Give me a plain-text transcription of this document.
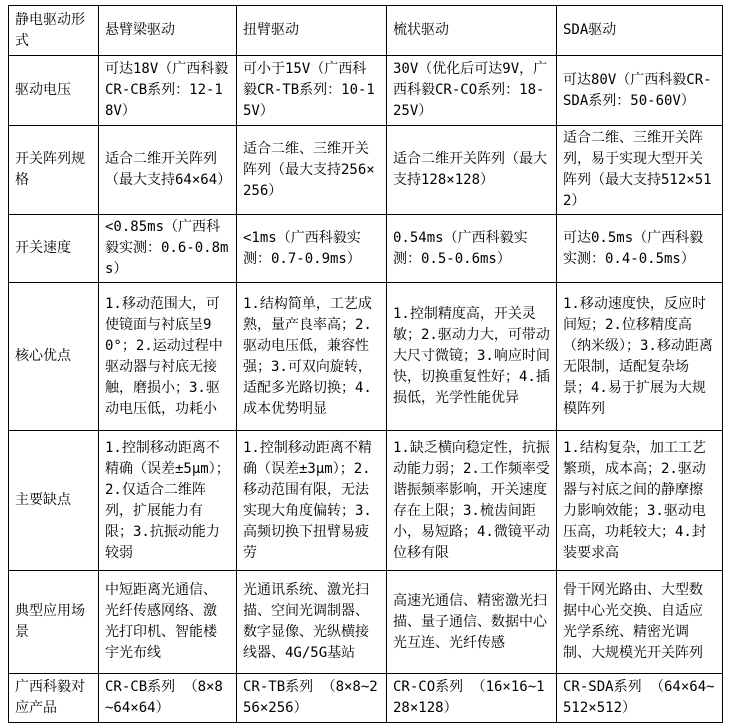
静电驱动形式	悬臂梁驱动	扭臂驱动	梳状驱动	SDA驱动
驱动电压	可达18V（广西科毅CR-CB系列：12-18V）	可小于15V（广西科毅CR-TB系列：10-15V）	30V（优化后可达9V，广西科毅CR-CO系列：18-25V）	可达80V（广西科毅CR-SDA系列：50-60V）
开关阵列规格	适合二维开关阵列（最大支持64×64）	适合二维、三维开关阵列（最大支持256×256）	适合二维开关阵列（最大支持128×128）	适合二维、三维开关阵列，易于实现大型开关阵列（最大支持512×512）
开关速度	<0.85ms（广西科毅实测：0.6-0.8ms）	<1ms（广西科毅实测：0.7-0.9ms）	0.54ms（广西科毅实测：0.5-0.6ms）	可达0.5ms（广西科毅实测：0.4-0.5ms）
核心优点	1.移动范围大，可使镜面与衬底呈90°；2.运动过程中驱动器与衬底无接触，磨损小；3.驱动电压低，功耗小	1.结构简单，工艺成熟，量产良率高；2.驱动电压低，兼容性强；3.可双向旋转，适配多光路切换；4.成本优势明显	1.控制精度高，开关灵敏；2.驱动力大，可带动大尺寸微镜；3.响应时间快，切换重复性好；4.插损低，光学性能优异	1.移动速度快，反应时间短；2.位移精度高（纳米级）；3.移动距离无限制，适配复杂场景；4.易于扩展为大规模阵列
主要缺点	1.控制移动距离不精确（误差±5μm）；2.仅适合二维阵列，扩展能力有限；3.抗振动能力较弱	1.控制移动距离不精确（误差±3μm）；2.移动范围有限，无法实现大角度偏转；3.高频切换下扭臂易疲劳	1.缺乏横向稳定性，抗振动能力弱；2.工作频率受谐振频率影响，开关速度存在上限；3.梳齿间距小，易短路；4.微镜平动位移有限	1.结构复杂，加工工艺繁琐，成本高；2.驱动器与衬底之间的静摩擦力影响效能；3.驱动电压高，功耗较大；4.封装要求高
典型应用场景	中短距离光通信、光纤传感网络、激光打印机、智能楼宇光布线	光通讯系统、激光扫描、空间光调制器、数字显像、光纵横接线器、4G/5G基站	高速光通信、精密激光扫描、量子通信、数据中心光互连、光纤传感	骨干网光路由、大型数据中心光交换、自适应光学系统、精密光调制、大规模光开关阵列
广西科毅对应产品	CR-CB系列 （8×8~64×64）	CR-TB系列 （8×8~256×256）	CR-CO系列 （16×16~128×128）	CR-SDA系列 （64×64~512×512）
